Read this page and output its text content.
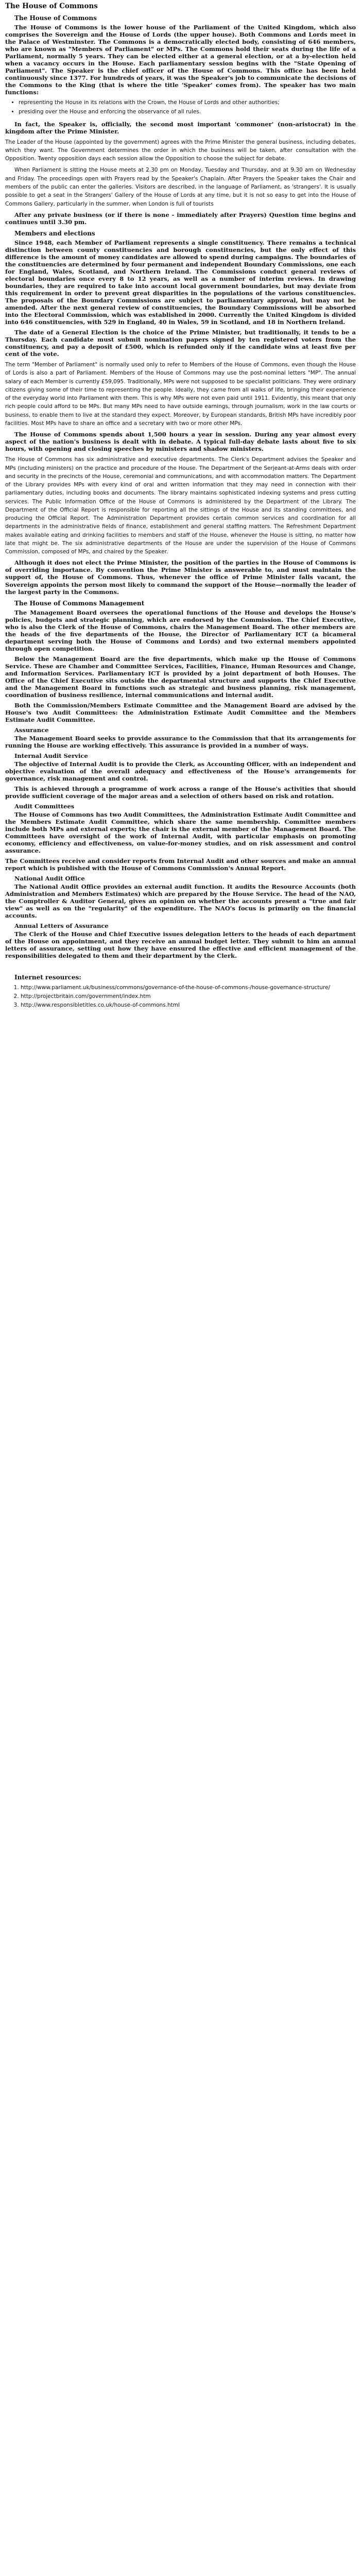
The House of Commons
The House of Commons

The House of Commons is the lower house of the Parliament of the United Kingdom, which also comprises the Sovereign and the House of Lords (the upper house). Both Commons and Lords meet in the Palace of Westminster. The Commons is a democratically elected body, consisting of 646 members, who are known as "Members of Parliament" or MPs. The Commons hold their seats during the life of a Parliament, normally 5 years. They can be elected either at a general election, or at a by-election held when a vacancy occurs in the House. Each parliamentary session begins with the "State Opening of Parliament". The Speaker is the chief officer of the House of Commons. This office has been held continuously since 1377. For hundreds of years, it was the Speaker's job to communicate the decisions of the Commons to the King (that is where the title 'Speaker' comes from). The speaker has two main functions:

• representing the House in its relations with the Crown, the House of Lords and other authorities;
• presiding over the House and enforcing the observance of all rules.

In fact, the Speaker is, officially, the second most important 'commoner' (non-aristocrat) in the kingdom after the Prime Minister.

The Leader of the House (appointed by the government) agrees with the Prime Minister the general business, including debates, which they want. The Government determines the order in which the business will be taken, after consultation with the Opposition. Twenty opposition days each session allow the Opposition to choose the subject for debate.

When Parliament is sitting the House meets at 2.30 pm on Monday, Tuesday and Thursday, and at 9.30 am on Wednesday and Friday. The proceedings open with Prayers read by the Speaker's Chaplain. After Prayers the Speaker takes the Chair and members of the public can enter the galleries. Visitors are described, in the language of Parliament, as 'strangers'. It is usually possible to get a seat in the Strangers' Gallery of the House of Lords at any time, but it is not so easy to get into the House of Commons Gallery, particularly in the summer, when London is full of tourists

After any private business (or if there is none - immediately after Prayers) Question time begins and continues until 3.30 pm.

Members and elections

Since 1948, each Member of Parliament represents a single constituency. There remains a technical distinction between county constituencies and borough constituencies, but the only effect of this difference is the amount of money candidates are allowed to spend during campaigns. The boundaries of the constituencies are determined by four permanent and independent Boundary Commissions, one each for England, Wales, Scotland, and Northern Ireland. The Commissions conduct general reviews of electoral boundaries once every 8 to 12 years, as well as a number of interim reviews. In drawing boundaries, they are required to take into account local government boundaries, but may deviate from this requirement in order to prevent great disparities in the populations of the various constituencies. The proposals of the Boundary Commissions are subject to parliamentary approval, but may not be amended. After the next general review of constituencies, the Boundary Commissions will be absorbed into the Electoral Commission, which was established in 2000. Currently the United Kingdom is divided into 646 constituencies, with 529 in England, 40 in Wales, 59 in Scotland, and 18 in Northern Ireland.

The date of a General Election is the choice of the Prime Minister, but traditionally, it tends to be a Thursday. Each candidate must submit nomination papers signed by ten registered voters from the constituency, and pay a deposit of £500, which is refunded only if the candidate wins at least five per cent of the vote.

The term "Member of Parliament" is normally used only to refer to Members of the House of Commons, even though the House of Lords is also a part of Parliament. Members of the House of Commons may use the post-nominal letters "MP". The annual salary of each Member is currently £59,095. Traditionally, MPs were not supposed to be specialist politicians. They were ordinary citizens giving some of their time to representing the people. Ideally, they came from all walks of life, bringing their experience of the everyday world into Parliament with them. This is why MPs were not even paid until 1911. Evidently, this meant that only rich people could afford to be MPs. But many MPs need to have outside earnings, through journalism, work in the law courts or business, to enable them to live at the standard they expect. Moreover, by European standards, British MPs have incredibly poor facilities. Most MPs have to share an office and a secretary with two or more other MPs.

The House of Commons spends about 1,500 hours a year in session. During any year almost every aspect of the nation's business is dealt with in debate. A typical full-day debate lasts about five to six hours, with opening and closing speeches by ministers and shadow ministers.

The House of Commons has six administrative and executive departments. The Clerk's Department advises the Speaker and MPs (including ministers) on the practice and procedure of the House. The Department of the Serjeant-at-Arms deals with order and security in the precincts of the House, ceremonial and communications, and with accommodation matters. The Department of the Library provides MPs with every kind of oral and written information that they may need in connection with their parliamentary duties, including books and documents. The library maintains sophisticated indexing systems and press cutting services. The Public Information Office of the House of Commons is administered by the Department of the Library. The Department of the Official Report is responsible for reporting all the sittings of the House and its standing committees, and producing the Official Report. The Administration Department provides certain common services and coordination for all departments in the administrative fields of finance, establishment and general staffing matters. The Refreshment Department makes available eating and drinking facilities to members and staff of the House, whenever the House is sitting, no matter how late that might be. The six administrative departments of the House are under the supervision of the House of Commons Commission, composed of MPs, and chaired by the Speaker.

Although it does not elect the Prime Minister, the position of the parties in the House of Commons is of overriding importance. By convention the Prime Minister is answerable to, and must maintain the support of, the House of Commons. Thus, whenever the office of Prime Minister falls vacant, the Sovereign appoints the person most likely to command the support of the House—normally the leader of the largest party in the Commons.

The House of Commons Management

The Management Board oversees the operational functions of the House and develops the House's policies, budgets and strategic planning, which are endorsed by the Commission. The Chief Executive, who is also the Clerk of the House of Commons, chairs the Management Board. The other members are the heads of the five departments of the House, the Director of Parliamentary ICT (a bicameral department serving both the House of Commons and Lords) and two external members appointed through open competition.

Below the Management Board are the five departments, which make up the House of Commons Service. These are Chamber and Committee Services, Facilities, Finance, Human Resources and Change, and Information Services. Parliamentary ICT is provided by a joint department of both Houses. The Office of the Chief Executive sits outside the departmental structure and supports the Chief Executive and the Management Board in functions such as strategic and business planning, risk management, coordination of business resilience, internal communications and internal audit.

Both the Commission/Members Estimate Committee and the Management Board are advised by the House's two Audit Committees: the Administration Estimate Audit Committee and the Members Estimate Audit Committee.

Assurance

The Management Board seeks to provide assurance to the Commission that that its arrangements for running the House are working effectively. This assurance is provided in a number of ways.

Internal Audit Service

The objective of Internal Audit is to provide the Clerk, as Accounting Officer, with an independent and objective evaluation of the overall adequacy and effectiveness of the House's arrangements for governance, risk management and control.

This is achieved through a programme of work across a range of the House's activities that should provide sufficient coverage of the major areas and a selection of others based on risk and rotation.

Audit Committees

The House of Commons has two Audit Committees, the Administration Estimate Audit Committee and the Members Estimate Audit Committee, which share the same membership. Committee members include both MPs and external experts; the chair is the external member of the Management Board. The Committees have oversight of the work of Internal Audit, with particular emphasis on promoting economy, efficiency and effectiveness, on value-for-money studies, and on risk assessment and control assurance.

The Committees receive and consider reports from Internal Audit and other sources and make an annual report which is published with the House of Commons Commission's Annual Report.

National Audit Office

The National Audit Office provides an external audit function. It audits the Resource Accounts (both Administration and Members Estimates) which are prepared by the House Service. The head of the NAO, the Comptroller & Auditor General, gives an opinion on whether the accounts present a "true and fair view" as well as on the "regularity" of the expenditure. The NAO's focus is primarily on the financial accounts.

Annual Letters of Assurance

The Clerk of the House and Chief Executive issues delegation letters to the heads of each department of the House on appointment, and they receive an annual budget letter. They submit to him an annual letters of assurance, setting out how they have ensured the effective and efficient management of the responsibilities delegated to them and their department by the Clerk.

Internet resources:
1. http://www.parliament.uk/business/commons/governance-of-the-house-of-commons-/house-governance-structure/
2. http://projectbritain.com/government/index.htm
3. http://www.responsibletitles.co.uk/house-of-commons.html
